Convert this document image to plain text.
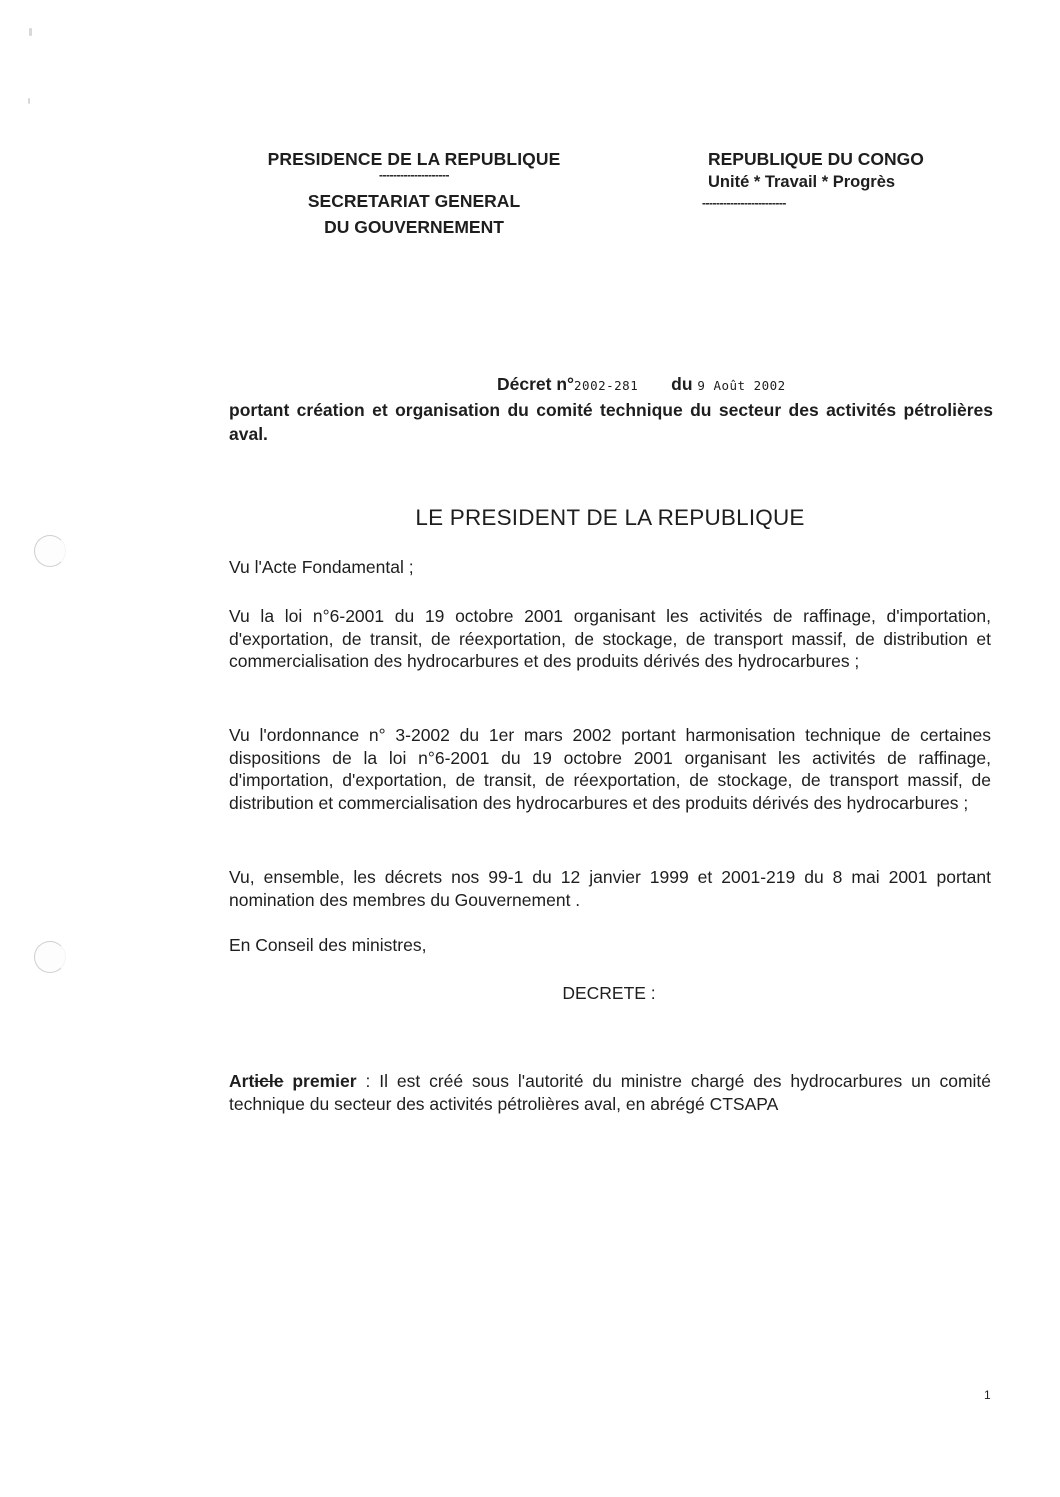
PRESIDENCE DE LA REPUBLIQUE
--------------------
SECRETARIAT GENERAL
DU GOUVERNEMENT
REPUBLIQUE DU CONGO
Unité * Travail * Progrès
------------------------
Décret n°2002-281 du 9 Août 2002
portant création et organisation du comité technique du secteur des activités pétrolières aval.
LE PRESIDENT DE LA REPUBLIQUE
Vu l'Acte Fondamental ;
Vu la loi n°6-2001 du 19 octobre 2001 organisant les activités de raffinage, d'importation, d'exportation, de transit, de réexportation, de stockage, de transport massif, de distribution et commercialisation des hydrocarbures et des produits dérivés des hydrocarbures ;
Vu l'ordonnance n° 3-2002 du 1er mars 2002 portant harmonisation technique de certaines dispositions de la loi n°6-2001 du 19 octobre 2001 organisant les activités de raffinage, d'importation, d'exportation, de transit, de réexportation, de stockage, de transport massif, de distribution et commercialisation des hydrocarbures et des produits dérivés des hydrocarbures ;
Vu, ensemble, les décrets nos 99-1 du 12 janvier 1999 et 2001-219 du 8 mai 2001 portant nomination des membres du Gouvernement .
En Conseil des ministres,
DECRETE :
Article premier : Il est créé sous l'autorité du ministre chargé des hydrocarbures un comité technique du secteur des activités pétrolières aval, en abrégé CTSAPA
1
